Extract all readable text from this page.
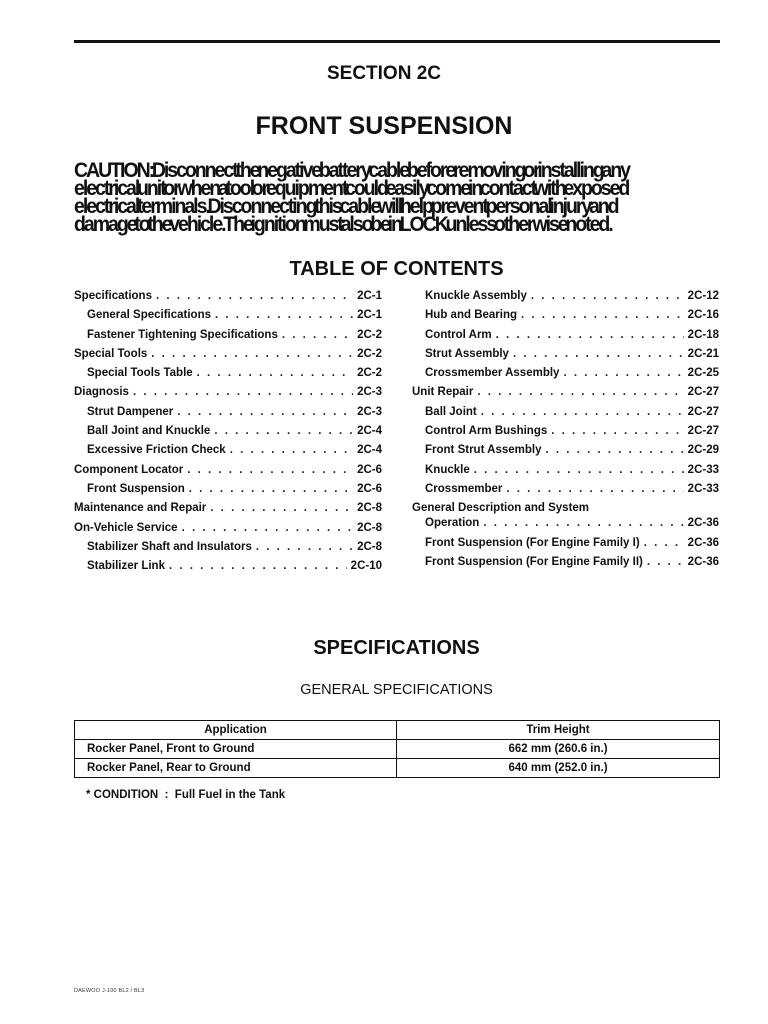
SECTION 2C
FRONT SUSPENSION
CAUTION: Disconnect the negative battery cable before removing or installing any electrical unit or when a tool or equipment could easily come in contact with exposed electrical terminals. Disconnecting this cable will help prevent personal injury and damage to the vehicle. The ignition must also be in LOCK unless otherwise noted.
TABLE OF CONTENTS
Specifications . . .	2C-1
General Specifications . . .	2C-1
Fastener Tightening Specifications . . .	2C-2
Special Tools . . .	2C-2
Special Tools Table . . .	2C-2
Diagnosis . . .	2C-3
Strut Dampener . . .	2C-3
Ball Joint and Knuckle . . .	2C-4
Excessive Friction Check . . .	2C-4
Component Locator . . .	2C-6
Front Suspension . . .	2C-6
Maintenance and Repair . . .	2C-8
On-Vehicle Service . . .	2C-8
Stabilizer Shaft and Insulators . . .	2C-8
Stabilizer Link . . .	2C-10
Knuckle Assembly . . .	2C-12
Hub and Bearing . . .	2C-16
Control Arm . . .	2C-18
Strut Assembly . . .	2C-21
Crossmember Assembly . . .	2C-25
Unit Repair . . .	2C-27
Ball Joint . . .	2C-27
Control Arm Bushings . . .	2C-27
Front Strut Assembly . . .	2C-29
Knuckle . . .	2C-33
Crossmember . . .	2C-33
General Description and System
Operation . . .	2C-36
Front Suspension (For Engine Family I) . . .	2C-36
Front Suspension (For Engine Family II) . . .	2C-36
SPECIFICATIONS
GENERAL SPECIFICATIONS
Application	Trim Height
Rocker Panel, Front to Ground	662 mm (260.6 in.)
Rocker Panel, Rear to Ground	640 mm (252.0 in.)
* CONDITION  :  Full Fuel in the Tank
DAEWOO J-100 BL2 / BL3
